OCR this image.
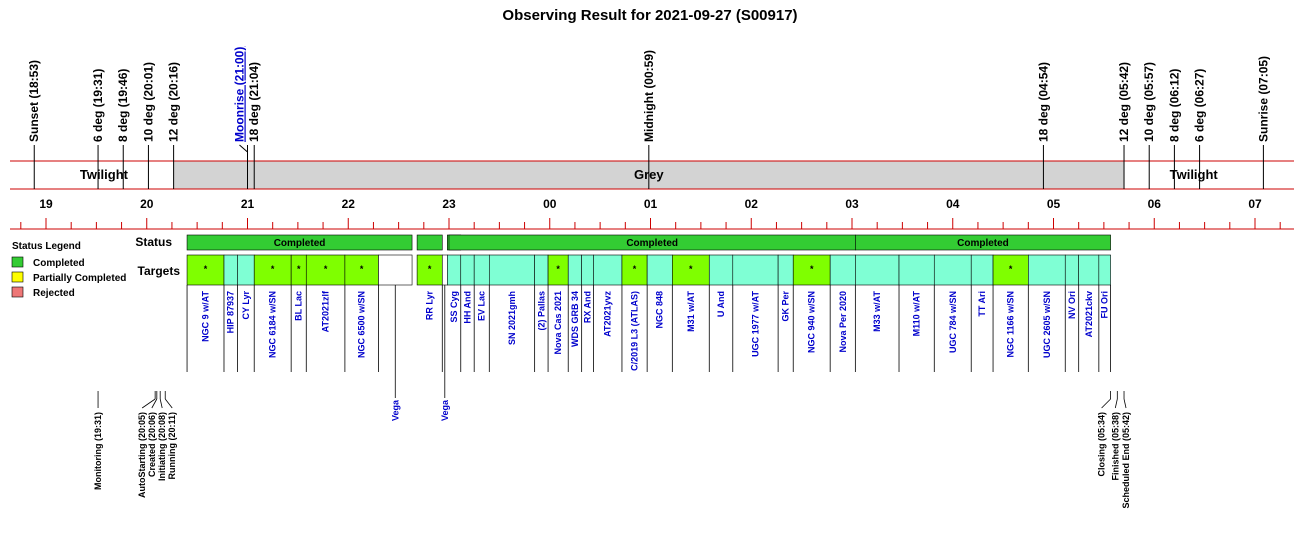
Observing Result for 2021-09-27 (S00917)
Twilight	Grey	Twilight
Sunset (18:53)	6 deg (19:31) 8 deg (19:46) 10 deg (20:01) 12 deg (20:16)	Moonrise (21:00) 18 deg (21:04)	Midnight (00:59)	18 deg (04:54)	12 deg (05:42) 10 deg (05:57) 8 deg (06:12) 6 deg (06:27)	Sunrise (07:05)
19	20	21	22	23	00	01	02	03	04	05	06	07
Status
Targets
Completed	Completed	Completed
*
NGC 9 w/AT HIP 87937 CY Lyr
*
NGC 6184 w/SN
*
BL Lac
*
AT2021zlf
*
NGC 6500 w/SN
Vega
*
RR Lyr
Vega
SS Cyg HH And EV Lac SN 2021gmh (2) Pallas
*
Nova Cas 2021 WDS GRB 34 RX And AT2021yvz
*
C/2019 L3 (ATLAS) NGC 848
*
M31 w/AT U And	UGC 1977 w/AT GK Per
*
NGC 940 w/SN Nova Per 2020	M33 w/AT	M110 w/AT	UGC 784 w/SN TT Ari
*
NGC 1166 w/SN	UGC 2605 w/SN NV Ori AT2021ckv FU Ori
Monitoring (19:31)	AutoStarting (20:05) Created (20:06) Initiating (20:08) Running (20:11)	Closing (05:34) Finished (05:38) Scheduled End (05:42)
Status Legend
Completed
Partially Completed
Rejected
